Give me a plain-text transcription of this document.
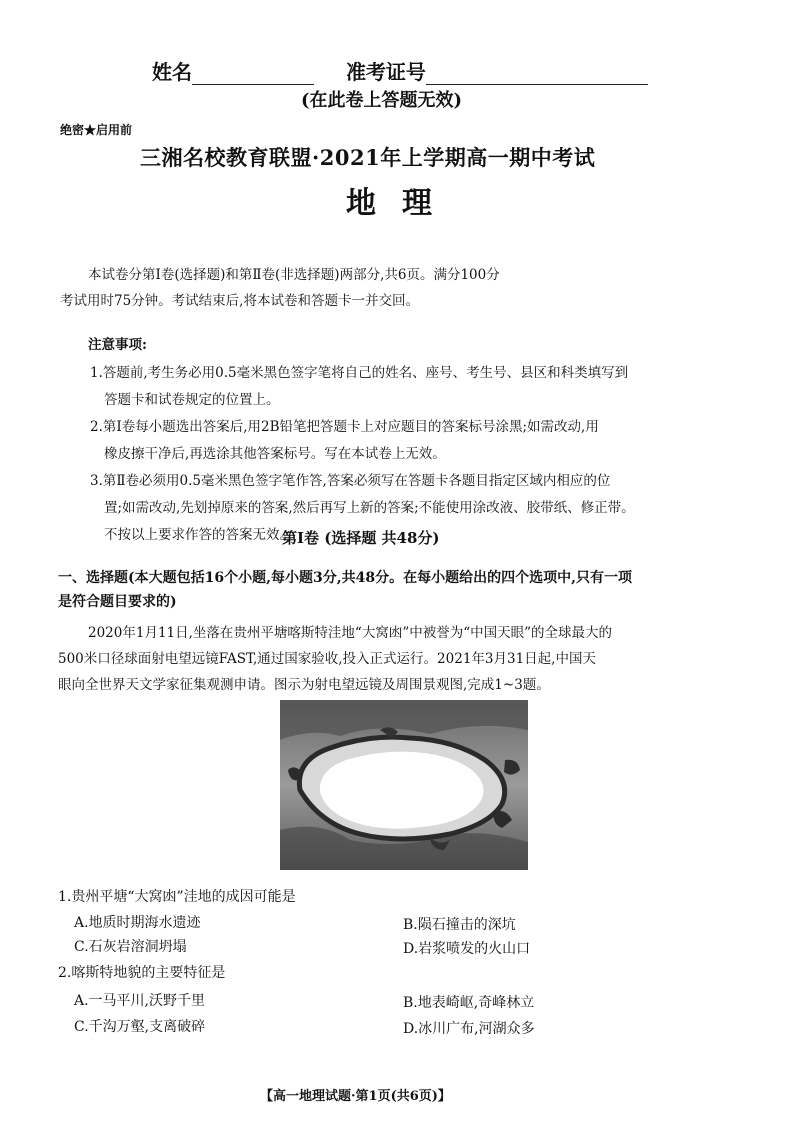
姓名	准考证号
(在此卷上答题无效)
绝密★启用前
三湘名校教育联盟·2021年上学期高一期中考试
地理

本试卷分第Ⅰ卷(选择题)和第Ⅱ卷(非选择题)两部分,共6页。满分100分

考试用时75分钟。考试结束后,将本试卷和答题卡一并交回。

注意事项:

1.答题前,考生务必用0.5毫米黑色签字笔将自己的姓名、座号、考生号、县区和科类填写到

答题卡和试卷规定的位置上。

2.第Ⅰ卷每小题选出答案后,用2B铅笔把答题卡上对应题目的答案标号涂黑;如需改动,用

橡皮擦干净后,再选涂其他答案标号。写在本试卷上无效。

3.第Ⅱ卷必须用0.5毫米黑色签字笔作答,答案必须写在答题卡各题目指定区域内相应的位

置;如需改动,先划掉原来的答案,然后再写上新的答案;不能使用涂改液、胶带纸、修正带。

不按以上要求作答的答案无效。

第Ⅰ卷 (选择题 共48分)

一、选择题(本大题包括16个小题,每小题3分,共48分。在每小题给出的四个选项中,只有一项

是符合题目要求的)

2020年1月11日,坐落在贵州平塘喀斯特洼地“大窝凼”中被誉为“中国天眼”的全球最大的

500米口径球面射电望远镜FAST,通过国家验收,投入正式运行。2021年3月31日起,中国天

眼向全世界天文学家征集观测申请。图示为射电望远镜及周围景观图,完成1~3题。

1.贵州平塘“大窝凼”洼地的成因可能是
A.地质时期海水遗迹	B.陨石撞击的深坑
C.石灰岩溶洞坍塌	D.岩浆喷发的火山口
2.喀斯特地貌的主要特征是
A.一马平川,沃野千里	B.地表崎岖,奇峰林立
C.千沟万壑,支离破碎	D.冰川广布,河湖众多
【高一地理试题·第1页(共6页)】
